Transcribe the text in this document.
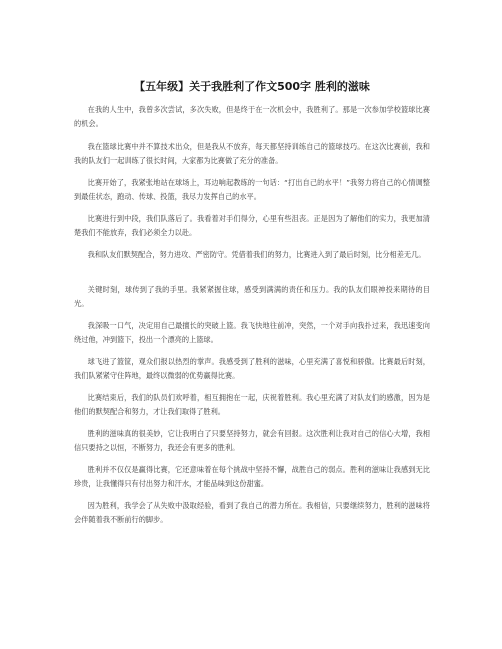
【五年级】关于我胜利了作文500字 胜利的滋味

在我的人生中，我曾多次尝试，多次失败，但是终于在一次机会中，我胜利了。那是一次参加学校篮球比赛的机会。

我在篮球比赛中并不算技术出众，但是我从不放弃，每天都坚持训练自己的篮球技巧。在这次比赛前，我和我的队友们一起训练了很长时间，大家都为比赛做了充分的准备。

比赛开始了，我紧张地站在球场上，耳边响起教练的一句话：“打出自己的水平！”我努力将自己的心情调整到最佳状态，跑动、传球、投篮，我尽力发挥自己的水平。

比赛进行到中段，我们队落后了。我看着对手们得分，心里有些沮丧。正是因为了解他们的实力，我更加清楚我们不能放弃，我们必须全力以赴。

我和队友们默契配合，努力进攻、严密防守。凭借着我们的努力，比赛进入到了最后时刻，比分相差无几。

关键时刻，球传到了我的手里。我紧紧握住球，感受到满满的责任和压力。我的队友们眼神投来期待的目光。

我深吸一口气，决定用自己最擅长的突破上篮。我飞快地往前冲，突然，一个对手向我扑过来，我迅速变向绕过他，冲到篮下，投出一个漂亮的上篮球。

球飞进了篮筐，观众们报以热烈的掌声。我感受到了胜利的滋味，心里充满了喜悦和骄傲。比赛最后时刻，我们队紧紧守住阵地，最终以微弱的优势赢得比赛。

比赛结束后，我们的队员们欢呼着，相互拥抱在一起，庆祝着胜利。我心里充满了对队友们的感激，因为是他们的默契配合和努力，才让我们取得了胜利。

胜利的滋味真的很美妙，它让我明白了只要坚持努力，就会有回报。这次胜利让我对自己的信心大增，我相信只要持之以恒，不断努力，我还会有更多的胜利。

胜利并不仅仅是赢得比赛，它还意味着在每个挑战中坚持不懈，战胜自己的弱点。胜利的滋味让我感到无比珍贵，让我懂得只有付出努力和汗水，才能品味到这份甜蜜。

因为胜利，我学会了从失败中汲取经验，看到了我自己的潜力所在。我相信，只要继续努力，胜利的滋味将会伴随着我不断前行的脚步。
